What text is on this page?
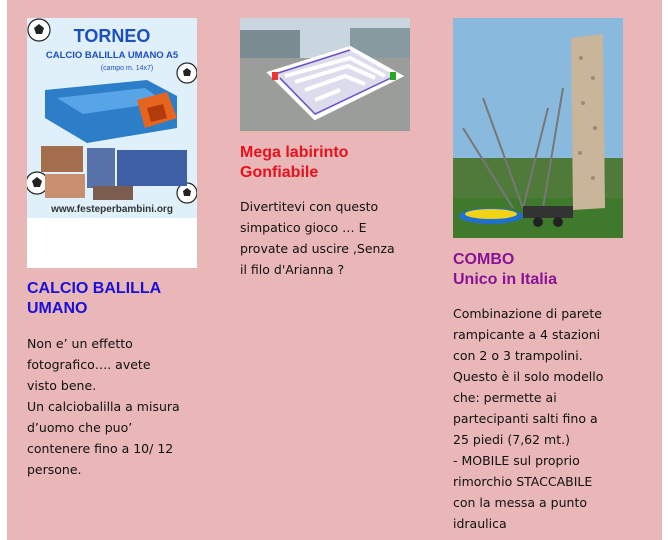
TORNEO
CALCIO BALILLA UMANO A5
(campo m. 14x7)
www.festeperbambini.org
CALCIO BALILLA
UMANO
Non e’ un effetto
fotografico…. avete
visto bene.
Un calciobalilla a misura
d’uomo che puo’
contenere fino a 10/ 12
persone.
Mega labirinto
Gonfiabile
Divertitevi con questo
simpatico gioco … E
provate ad uscire ,Senza
il filo d'Arianna ?
COMBO
Unico in Italia
Combinazione di parete
rampicante a 4 stazioni
con 2 o 3 trampolini.
Questo è il solo modello
che: permette ai
partecipanti salti fino a
25 piedi (7,62 mt.)
- MOBILE sul proprio
rimorchio STACCABILE
con la messa a punto
idraulica
